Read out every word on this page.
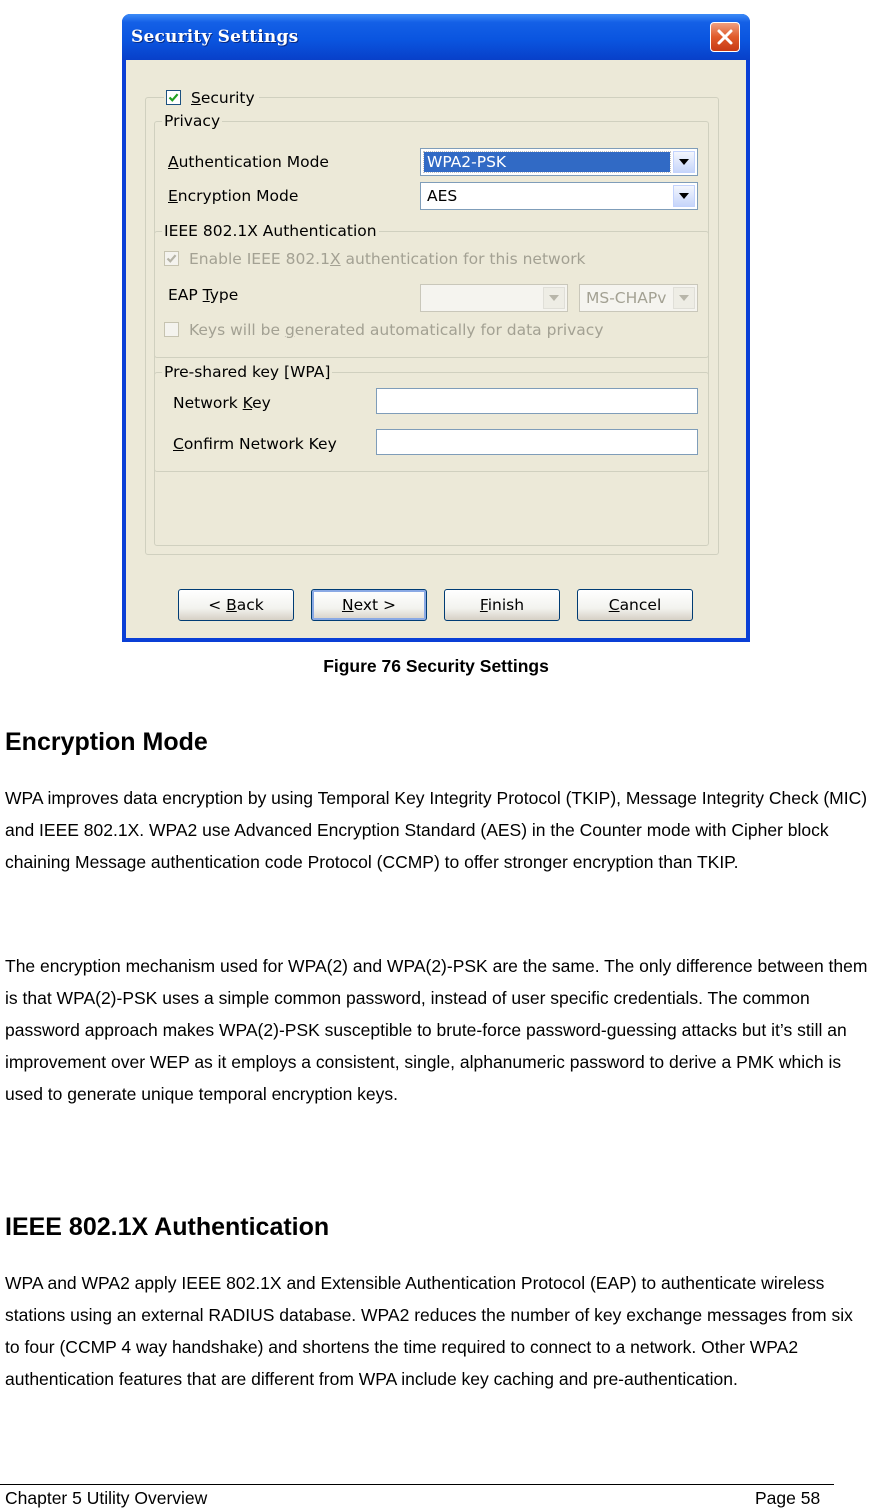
Security Settings
Security
Privacy
Authentication Mode	WPA2-PSK
Encryption Mode	AES
IEEE 802.1X Authentication
Enable IEEE 802.1X authentication for this network
EAP Type	MS-CHAPv
Keys will be generated automatically for data privacy
Pre-shared key [WPA]
Network Key
Confirm Network Key
< Back	Next >	Finish	Cancel
Figure 76 Security Settings
Encryption Mode

WPA improves data encryption by using Temporal Key Integrity Protocol (TKIP), Message Integrity Check (MIC) and IEEE 802.1X. WPA2 use Advanced Encryption Standard (AES) in the Counter mode with Cipher block chaining Message authentication code Protocol (CCMP) to offer stronger encryption than TKIP.

The encryption mechanism used for WPA(2) and WPA(2)-PSK are the same. The only difference between them is that WPA(2)-PSK uses a simple common password, instead of user specific credentials. The common password approach makes WPA(2)-PSK susceptible to brute-force password-guessing attacks but it’s still an improvement over WEP as it employs a consistent, single, alphanumeric password to derive a PMK which is used to generate unique temporal encryption keys.

IEEE 802.1X Authentication

WPA and WPA2 apply IEEE 802.1X and Extensible Authentication Protocol (EAP) to authenticate wireless stations using an external RADIUS database. WPA2 reduces the number of key exchange messages from six to four (CCMP 4 way handshake) and shortens the time required to connect to a network. Other WPA2 authentication features that are different from WPA include key caching and pre-authentication.

Chapter 5 Utility Overview	Page 58
